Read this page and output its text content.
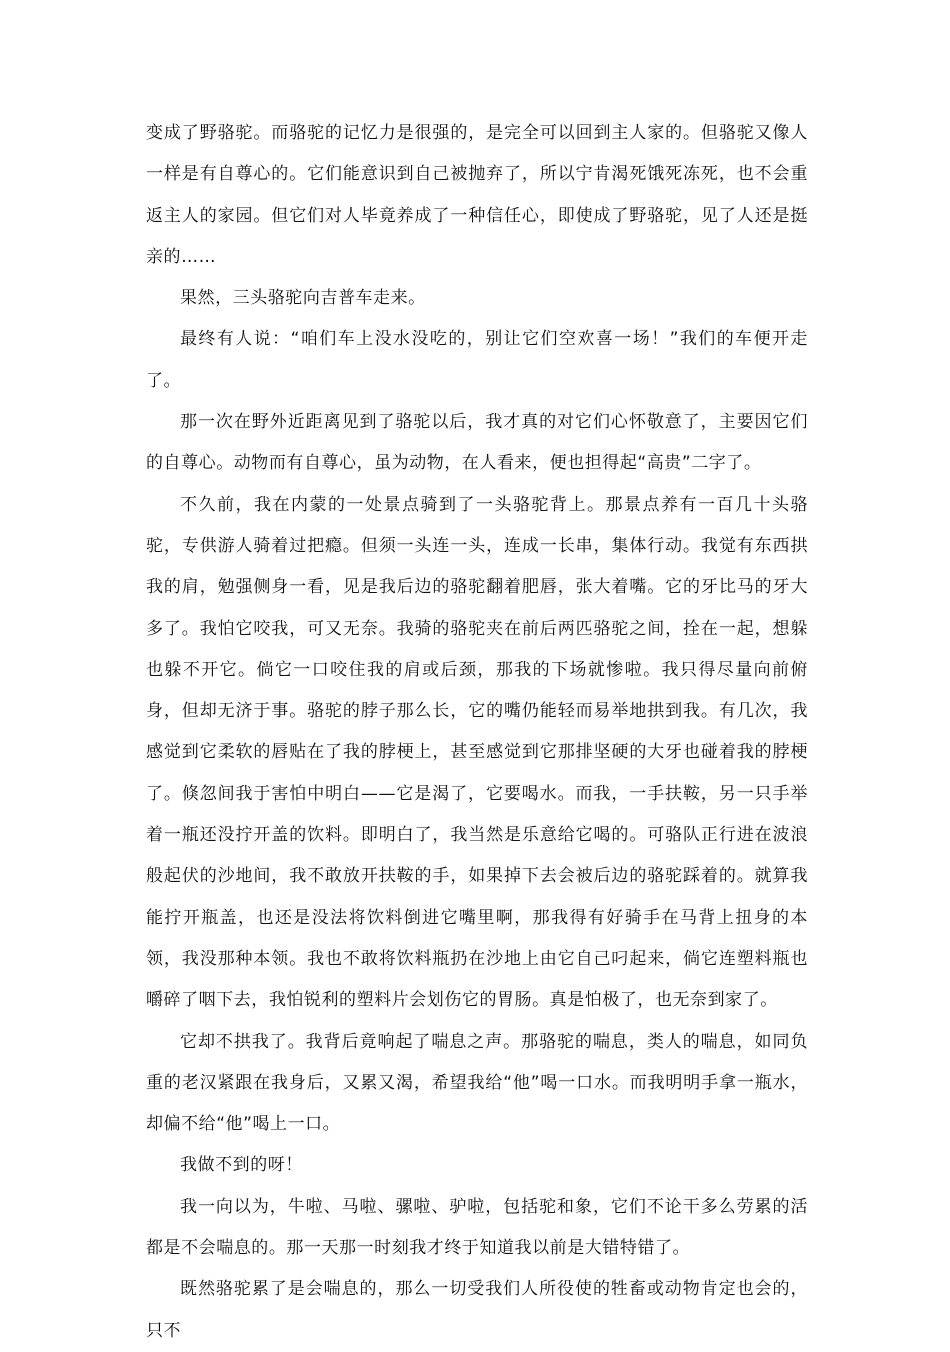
变成了野骆驼。而骆驼的记忆力是很强的，是完全可以回到主人家的。但骆驼又像人一样是有自尊心的。它们能意识到自己被抛弃了，所以宁肯渴死饿死冻死，也不会重返主人的家园。但它们对人毕竟养成了一种信任心，即使成了野骆驼，见了人还是挺亲的……

果然，三头骆驼向吉普车走来。

最终有人说：“咱们车上没水没吃的，别让它们空欢喜一场！”我们的车便开走了。

那一次在野外近距离见到了骆驼以后，我才真的对它们心怀敬意了，主要因它们的自尊心。动物而有自尊心，虽为动物，在人看来，便也担得起“高贵”二字了。

不久前，我在内蒙的一处景点骑到了一头骆驼背上。那景点养有一百几十头骆驼，专供游人骑着过把瘾。但须一头连一头，连成一长串，集体行动。我觉有东西拱我的肩，勉强侧身一看，见是我后边的骆驼翻着肥唇，张大着嘴。它的牙比马的牙大多了。我怕它咬我，可又无奈。我骑的骆驼夹在前后两匹骆驼之间，拴在一起，想躲也躲不开它。倘它一口咬住我的肩或后颈，那我的下场就惨啦。我只得尽量向前俯身，但却无济于事。骆驼的脖子那么长，它的嘴仍能轻而易举地拱到我。有几次，我感觉到它柔软的唇贴在了我的脖梗上，甚至感觉到它那排坚硬的大牙也碰着我的脖梗了。倏忽间我于害怕中明白——它是渴了，它要喝水。而我，一手扶鞍，另一只手举着一瓶还没拧开盖的饮料。即明白了，我当然是乐意给它喝的。可骆队正行进在波浪般起伏的沙地间，我不敢放开扶鞍的手，如果掉下去会被后边的骆驼踩着的。就算我能拧开瓶盖，也还是没法将饮料倒进它嘴里啊，那我得有好骑手在马背上扭身的本领，我没那种本领。我也不敢将饮料瓶扔在沙地上由它自己叼起来，倘它连塑料瓶也嚼碎了咽下去，我怕锐利的塑料片会划伤它的胃肠。真是怕极了，也无奈到家了。

它却不拱我了。我背后竟响起了喘息之声。那骆驼的喘息，类人的喘息，如同负重的老汉紧跟在我身后，又累又渴，希望我给“他”喝一口水。而我明明手拿一瓶水，却偏不给“他”喝上一口。

我做不到的呀！

我一向以为，牛啦、马啦、骡啦、驴啦，包括驼和象，它们不论干多么劳累的活都是不会喘息的。那一天那一时刻我才终于知道我以前是大错特错了。

既然骆驼累了是会喘息的，那么一切受我们人所役使的牲畜或动物肯定也会的，只不
